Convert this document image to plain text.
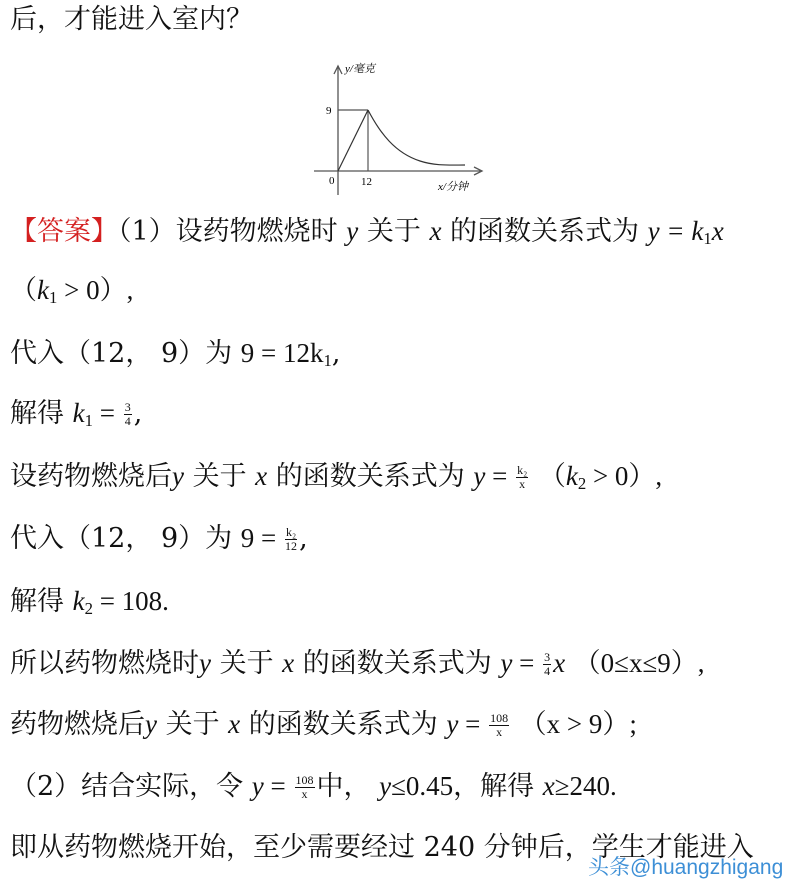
后，才能进入室内？
y/毫克
9
0 12	x/分钟
【答案】（1）设药物燃烧时 y 关于 x 的函数关系式为 $y = k_1x$
$(k_1 > 0)$,
代入（12， 9）为 $9 = 12k_1$,
解得 $k_1 = \frac{3}{4}$ ,
设药物燃烧后y 关于 x 的函数关系式为 $y = \frac{\text{k₂}}{x} (k_2 > 0)$,
代入（12， 9）为 $9 = \frac{\text{k₂}}{12}$ ,
解得 $k_2 = 108$.
所以药物燃烧时y 关于 x 的函数关系式为 $y = \frac{3}{4}$ x （0≤x≤9）,
药物燃烧后y 关于 x 的函数关系式为 $y = \frac{108}{x} (x > 9)$;
（2）结合实际，令 $y = \frac{108}{x}$ 中， y≤0.45，解得 x≥240.
即从药物燃烧开始，至少需要经过 240 分钟后，学生才能进入
头条@huangzhigang
